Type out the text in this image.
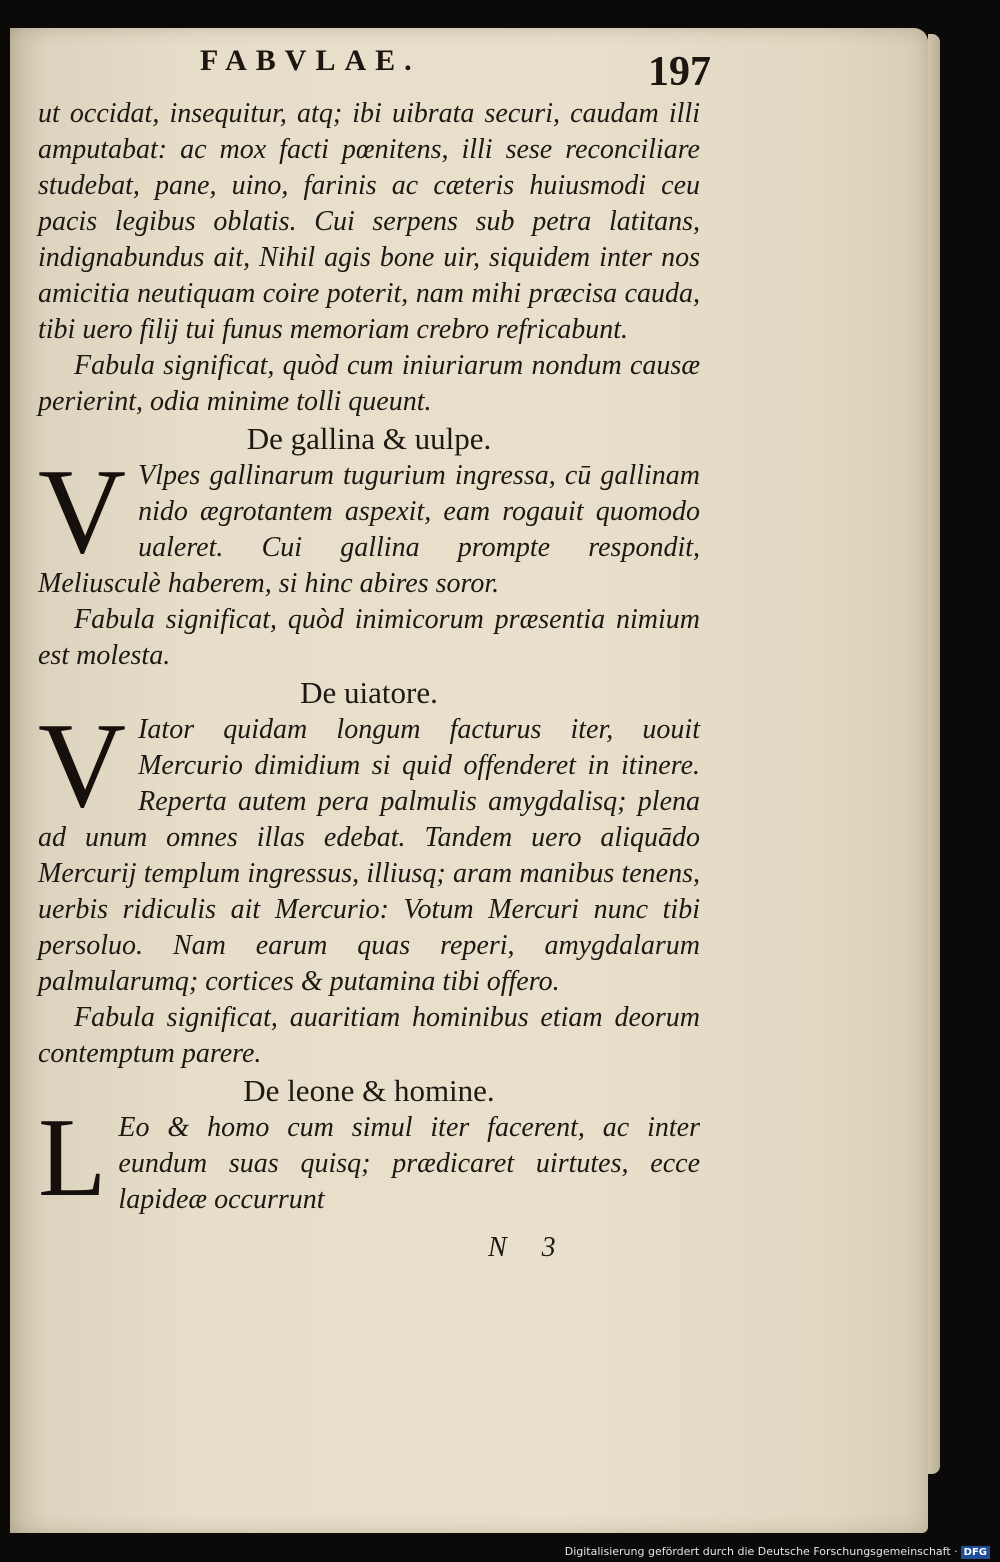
FABVLAE.	197

ut occidat, insequitur, atq; ibi uibrata securi, caudam illi amputabat: ac mox facti pœnitens, illi sese reconciliare studebat, pane, uino, farinis ac cæteris huiusmodi ceu pacis legibus oblatis. Cui serpens sub petra latitans, indignabundus ait, Nihil agis bone uir, siquidem inter nos amicitia neutiquam coire poterit, nam mihi præcisa cauda, tibi uero filij tui funus memoriam crebro refricabunt.

Fabula significat, quòd cum iniuriarum nondum causæ perierint, odia minime tolli queunt.

De gallina & uulpe.

V Vlpes gallinarum tugurium ingressa, cū gallinam nido ægrotantem aspexit, eam rogauit quomodo ualeret. Cui gallina prompte respondit, Meliusculè haberem, si hinc abires soror.

Fabula significat, quòd inimicorum præsentia nimium est molesta.

De uiatore.

V Iator quidam longum facturus iter, uouit Mercurio dimidium si quid offenderet in itinere. Reperta autem pera palmulis amygdalisq; plena ad unum omnes illas edebat. Tandem uero aliquādo Mercurij templum ingressus, illiusq; aram manibus tenens, uerbis ridiculis ait Mercurio: Votum Mercuri nunc tibi persoluo. Nam earum quas reperi, amygdalarum palmularumq; cortices & putamina tibi offero.

Fabula significat, auaritiam hominibus etiam deorum contemptum parere.

De leone & homine.

L Eo & homo cum simul iter facerent, ac inter eundum suas quisq; prædicaret uirtutes, ecce lapideæ occurrunt

N 3
Digitalisierung gefördert durch die Deutsche Forschungsgemeinschaft · DFG
